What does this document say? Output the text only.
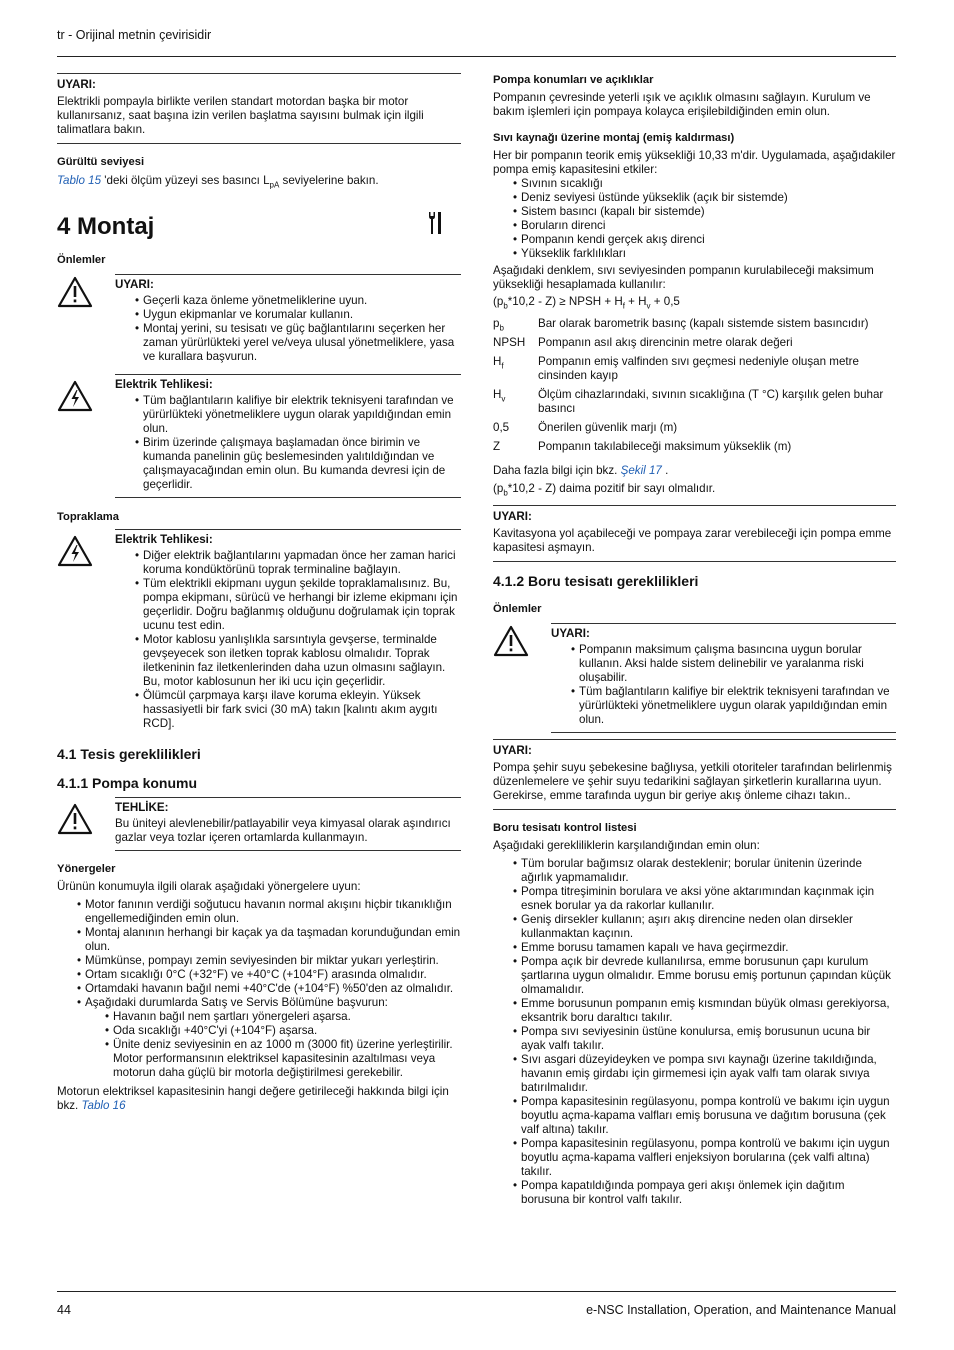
tr - Orijinal metnin çevirisidir

UYARI:

Elektrikli pompayla birlikte verilen standart motordan başka bir motor kullanırsanız, saat başına izin verilen başlatma sayısını bulmak için ilgili talimatlara bakın.

Gürültü seviyesi

Tablo 15 'deki ölçüm yüzeyi ses basıncı $L_{pA}$ seviyelerine bakın.

4 Montaj

Önlemler

UYARI:
• Geçerli kaza önleme yönetmeliklerine uyun.
• Uygun ekipmanlar ve korumalar kullanın.
• Montaj yerini, su tesisatı ve güç bağlantılarını seçerken her zaman yürürlükteki yerel ve/veya ulusal yönetmeliklere, yasa ve kurallara başvurun.
Elektrik Tehlikesi:
• Tüm bağlantıların kalifiye bir elektrik teknisyeni tarafından ve yürürlükteki yönetmeliklere uygun olarak yapıldığından emin olun.
• Birim üzerinde çalışmaya başlamadan önce birimin ve kumanda panelinin güç beslemesinden yalıtıldığından ve çalışmayacağından emin olun. Bu kumanda devresi için de geçerlidir.

Topraklama

Elektrik Tehlikesi:
• Diğer elektrik bağlantılarını yapmadan önce her zaman harici koruma kondüktörünü toprak terminaline bağlayın.
• Tüm elektrikli ekipmanı uygun şekilde topraklamalısınız. Bu, pompa ekipmanı, sürücü ve herhangi bir izleme ekipmanı için geçerlidir. Doğru bağlanmış olduğunu doğrulamak için toprak ucunu test edin.
• Motor kablosu yanlışlıkla sarsıntıyla gevşerse, terminalde gevşeyecek son iletken toprak kablosu olmalıdır. Toprak iletkeninin faz iletkenlerinden daha uzun olmasını sağlayın. Bu, motor kablosunun her iki ucu için geçerlidir.
• Ölümcül çarpmaya karşı ilave koruma ekleyin. Yüksek hassasiyetli bir fark svici (30 mA) takın [kalıntı akım aygıtı RCD].

4.1 Tesis gereklilikleri

4.1.1 Pompa konumu

TEHLİKE:

Bu üniteyi alevlenebilir/patlayabilir veya kimyasal olarak aşındırıcı gazlar veya tozlar içeren ortamlarda kullanmayın.

Yönergeler

Ürünün konumuyla ilgili olarak aşağıdaki yönergelere uyun:

• Motor fanının verdiği soğutucu havanın normal akışını hiçbir tıkanıklığın engellemediğinden emin olun.
• Montaj alanının herhangi bir kaçak ya da taşmadan korunduğundan emin olun.
• Mümkünse, pompayı zemin seviyesinden bir miktar yukarı yerleştirin.
• Ortam sıcaklığı 0°C (+32°F) ve +40°C (+104°F) arasında olmalıdır.
• Ortamdaki havanın bağıl nemi +40°C'de (+104°F) %50'den az olmalıdır.
• Aşağıdaki durumlarda Satış ve Servis Bölümüne başvurun:
• Havanın bağıl nem şartları yönergeleri aşarsa.
• Oda sıcaklığı +40°C'yi (+104°F) aşarsa.
• Ünite deniz seviyesinin en az 1000 m (3000 fit) üzerine yerleştirilir. Motor performansının elektriksel kapasitesinin azaltılması veya motorun daha güçlü bir motorla değiştirilmesi gerekebilir.

Motorun elektriksel kapasitesinin hangi değere getirileceği hakkında bilgi için bkz. Tablo 16

Pompa konumları ve açıklıklar

Pompanın çevresinde yeterli ışık ve açıklık olmasını sağlayın. Kurulum ve bakım işlemleri için pompaya kolayca erişilebildiğinden emin olun.

Sıvı kaynağı üzerine montaj (emiş kaldırması)

Her bir pompanın teorik emiş yüksekliği 10,33 m'dir. Uygulamada, aşağıdakiler pompa emiş kapasitesini etkiler:

• Sıvının sıcaklığı
• Deniz seviyesi üstünde yükseklik (açık bir sistemde)
• Sistem basıncı (kapalı bir sistemde)
• Boruların direnci
• Pompanın kendi gerçek akış direnci
• Yükseklik farklılıkları

Aşağıdaki denklem, sıvı seviyesinden pompanın kurulabileceği maksimum yüksekliği hesaplamada kullanılır:

$(p_b*10,2 - Z)$ ≥ NPSH + $H_f + H_v + 0,5$

$p_b$	Bar olarak barometrik basınç (kapalı sistemde sistem basıncıdır)
NPSH	Pompanın asıl akış direncinin metre olarak değeri
$H_f$	Pompanın emiş valfinden sıvı geçmesi nedeniyle oluşan metre cinsinden kayıp
$H_v$	Ölçüm cihazlarındaki, sıvının sıcaklığına (T °C) karşılık gelen buhar basıncı
0,5	Önerilen güvenlik marjı (m)
Z	Pompanın takılabileceği maksimum yükseklik (m)

Daha fazla bilgi için bkz. Şekil 17 .

$(p_b*10,2 - Z)$ daima pozitif bir sayı olmalıdır.

UYARI:

Kavitasyona yol açabileceği ve pompaya zarar verebileceği için pompa emme kapasitesi aşmayın.

4.1.2 Boru tesisatı gereklilikleri

Önlemler

UYARI:
• Pompanın maksimum çalışma basıncına uygun borular kullanın. Aksi halde sistem delinebilir ve yaralanma riski oluşabilir.
• Tüm bağlantıların kalifiye bir elektrik teknisyeni tarafından ve yürürlükteki yönetmeliklere uygun olarak yapıldığından emin olun.

UYARI:

Pompa şehir suyu şebekesine bağlıysa, yetkili otoriteler tarafından belirlenmiş düzenlemelere ve şehir suyu tedarikini sağlayan şirketlerin kurallarına uyun. Gerekirse, emme tarafında uygun bir geriye akış önleme cihazı takın..

Boru tesisatı kontrol listesi

Aşağıdaki gerekliliklerin karşılandığından emin olun:

• Tüm borular bağımsız olarak desteklenir; borular ünitenin üzerinde ağırlık yapmamalıdır.
• Pompa titreşiminin borulara ve aksi yöne aktarımından kaçınmak için esnek borular ya da rakorlar kullanılır.
• Geniş dirsekler kullanın; aşırı akış direncine neden olan dirsekler kullanmaktan kaçının.
• Emme borusu tamamen kapalı ve hava geçirmezdir.
• Pompa açık bir devrede kullanılırsa, emme borusunun çapı kurulum şartlarına uygun olmalıdır. Emme borusu emiş portunun çapından küçük olmamalıdır.
• Emme borusunun pompanın emiş kısmından büyük olması gerekiyorsa, eksantrik boru daraltıcı takılır.
• Pompa sıvı seviyesinin üstüne konulursa, emiş borusunun ucuna bir ayak valfı takılır.
• Sıvı asgari düzeyideyken ve pompa sıvı kaynağı üzerine takıldığında, havanın emiş girdabı için girmemesi için ayak valfı tam olarak sıvıya batırılmalıdır.
• Pompa kapasitesinin regülasyonu, pompa kontrolü ve bakımı için uygun boyutlu açma-kapama valfları emiş borusuna ve dağıtım borusuna (çek valf altına) takılır.
• Pompa kapasitesinin regülasyonu, pompa kontrolü ve bakımı için uygun boyutlu açma-kapama valfleri enjeksiyon borularına (çek valfi altına) takılır.
• Pompa kapatıldığında pompaya geri akışı önlemek için dağıtım borusuna bir kontrol valfı takılır.
44	e-NSC Installation, Operation, and Maintenance Manual
